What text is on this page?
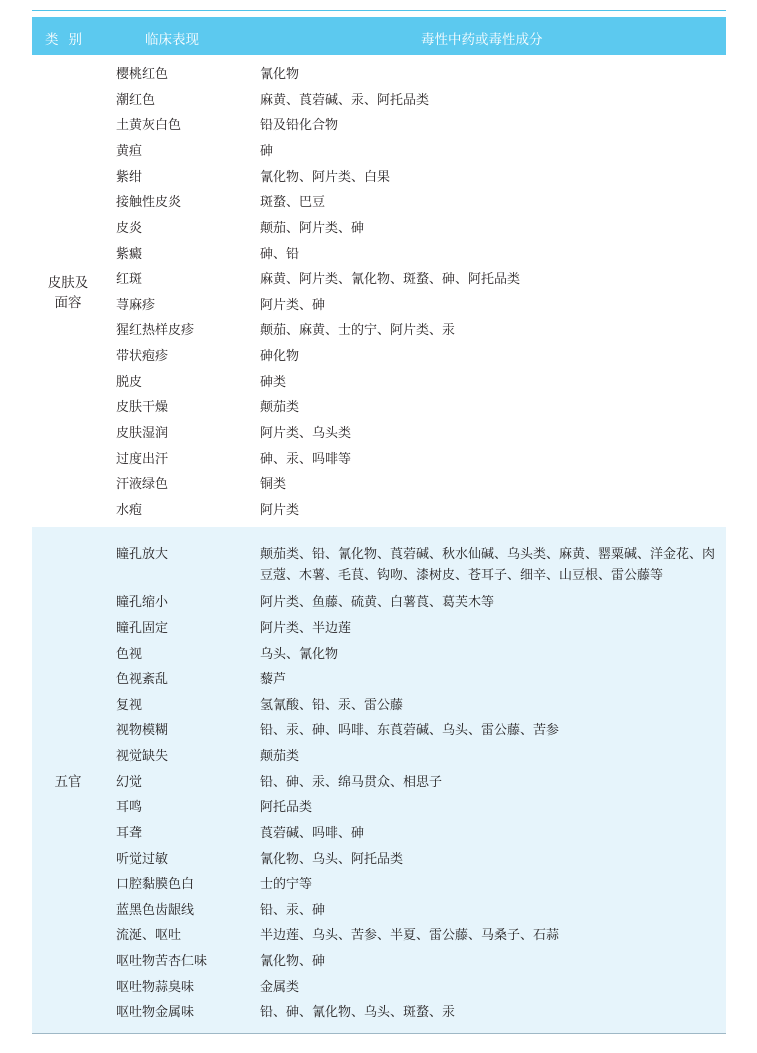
类别	临床表现	毒性中药或毒性成分
皮肤及
面容
樱桃红色	氰化物
潮红色	麻黄、莨菪碱、汞、阿托品类
土黄灰白色	铅及铅化合物
黄疸	砷
紫绀	氰化物、阿片类、白果
接触性皮炎	斑蝥、巴豆
皮炎	颠茄、阿片类、砷
紫癜	砷、铅
红斑	麻黄、阿片类、氰化物、斑蝥、砷、阿托品类
荨麻疹	阿片类、砷
猩红热样皮疹	颠茄、麻黄、士的宁、阿片类、汞
带状疱疹	砷化物
脱皮	砷类
皮肤干燥	颠茄类
皮肤湿润	阿片类、乌头类
过度出汗	砷、汞、吗啡等
汗液绿色	铜类
水疱	阿片类
五官
瞳孔放大	颠茄类、铅、氰化物、莨菪碱、秋水仙碱、乌头类、麻黄、罂粟碱、洋金花、肉豆蔻、木薯、毛茛、钩吻、漆树皮、苍耳子、细辛、山豆根、雷公藤等
瞳孔缩小	阿片类、鱼藤、硫黄、白薯莨、葛芙木等
瞳孔固定	阿片类、半边莲
色视	乌头、氰化物
色视紊乱	藜芦
复视	氢氰酸、铅、汞、雷公藤
视物模糊	铅、汞、砷、吗啡、东莨菪碱、乌头、雷公藤、苦参
视觉缺失	颠茄类
幻觉	铅、砷、汞、绵马贯众、相思子
耳鸣	阿托品类
耳聋	莨菪碱、吗啡、砷
听觉过敏	氰化物、乌头、阿托品类
口腔黏膜色白	士的宁等
蓝黑色齿龈线	铅、汞、砷
流涎、呕吐	半边莲、乌头、苦参、半夏、雷公藤、马桑子、石蒜
呕吐物苦杏仁味	氰化物、砷
呕吐物蒜臭味	金属类
呕吐物金属味	铅、砷、氰化物、乌头、斑蝥、汞
